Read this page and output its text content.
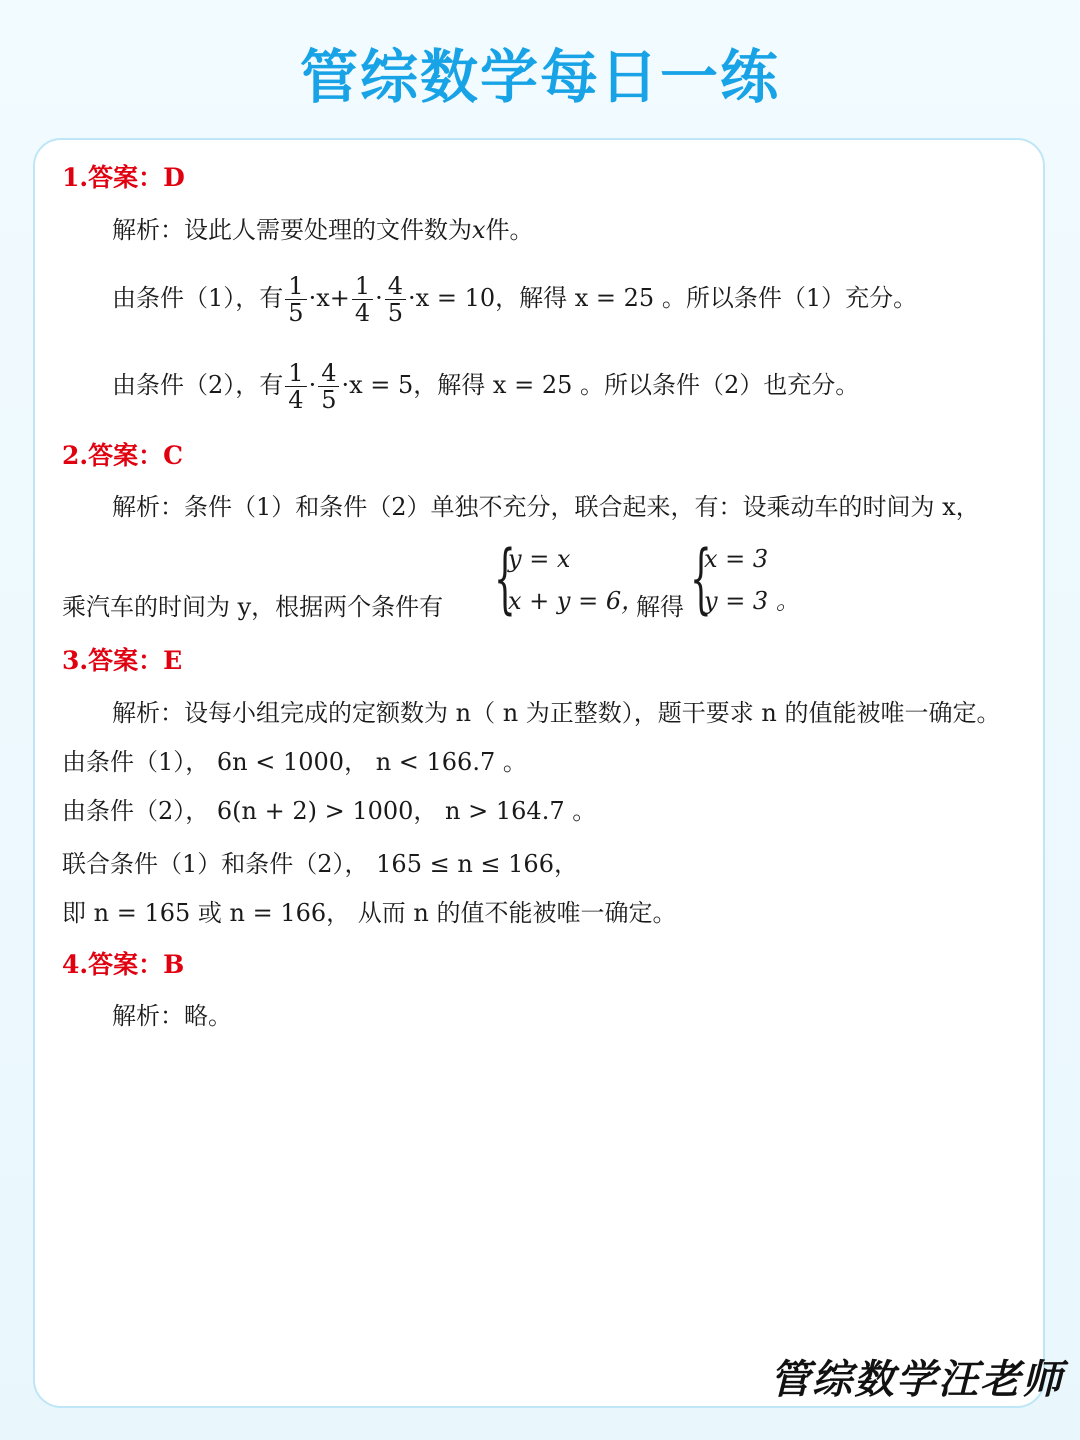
管综数学每日一练
1.答案：D
解析：设此人需要处理的文件数为x件。
由条件（1），有 $\frac{1}{5} \cdot x+ \frac{1}{4} \cdot \frac{4}{5} \cdot x = 10$，解得 x = 25 。所以条件（1）充分。
由条件（2），有 $\frac{1}{4} \cdot \frac{4}{5} \cdot x = 5$，解得 x = 25 。所以条件（2）也充分。
2.答案：C
解析：条件（1）和条件（2）单独不充分，联合起来，有：设乘动车的时间为 x，
乘汽车的时间为 y，根据两个条件有 {
y = x
x + y = 6，
解得 {
x = 3
y = 3 。
3.答案：E
解析：设每小组完成的定额数为 n（ n 为正整数），题干要求 n 的值能被唯一确定。
由条件（1）， 6n < 1000， n < 166.7 。
由条件（2）， 6(n + 2) > 1000， n > 164.7 。
联合条件（1）和条件（2）， 165 ≤ n ≤ 166，
即 n = 165 或 n = 166， 从而 n 的值不能被唯一确定。
4.答案：B
解析：略。
管综数学汪老师
